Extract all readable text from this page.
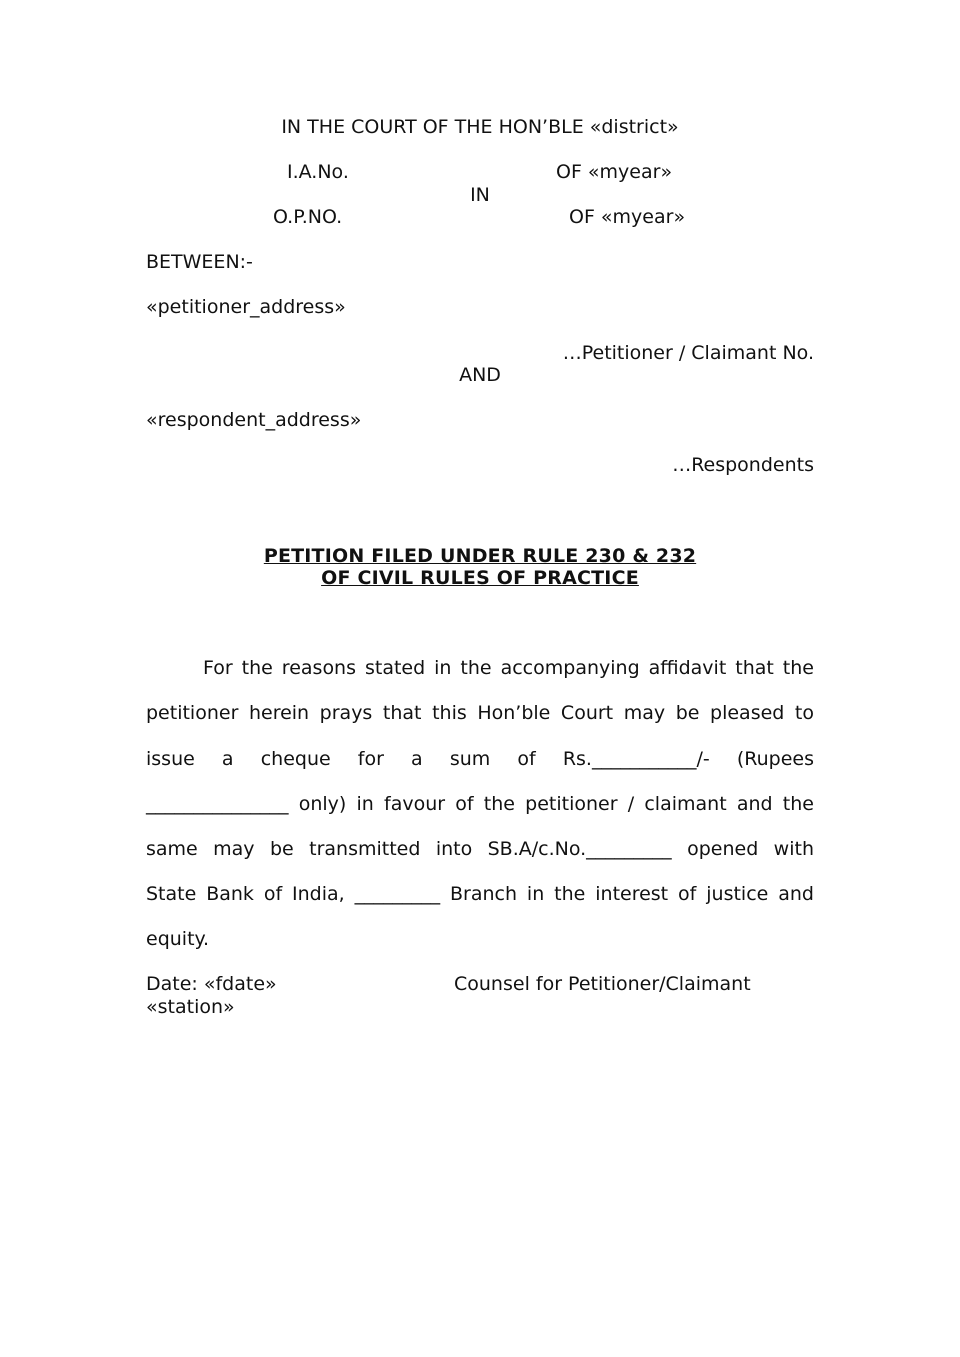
IN THE COURT OF THE HON’BLE «district»
I.A.No.	OF «myear»
IN
O.P.NO.	OF «myear»
BETWEEN:-
«petitioner_address»
…Petitioner / Claimant No.
AND
«respondent_address»
…Respondents
PETITION FILED UNDER RULE 230 & 232
OF CIVIL RULES OF PRACTICE
For the reasons stated in the accompanying affidavit that the
petitioner herein prays that this Hon’ble Court may be pleased to
issue a cheque for a sum of Rs.___________/- (Rupees
_______________ only) in favour of the petitioner / claimant and the
same may be transmitted into SB.A/c.No._________ opened with
State Bank of India, _________ Branch in the interest of justice and
equity.
Date: «fdate»	Counsel for Petitioner/Claimant
«station»
